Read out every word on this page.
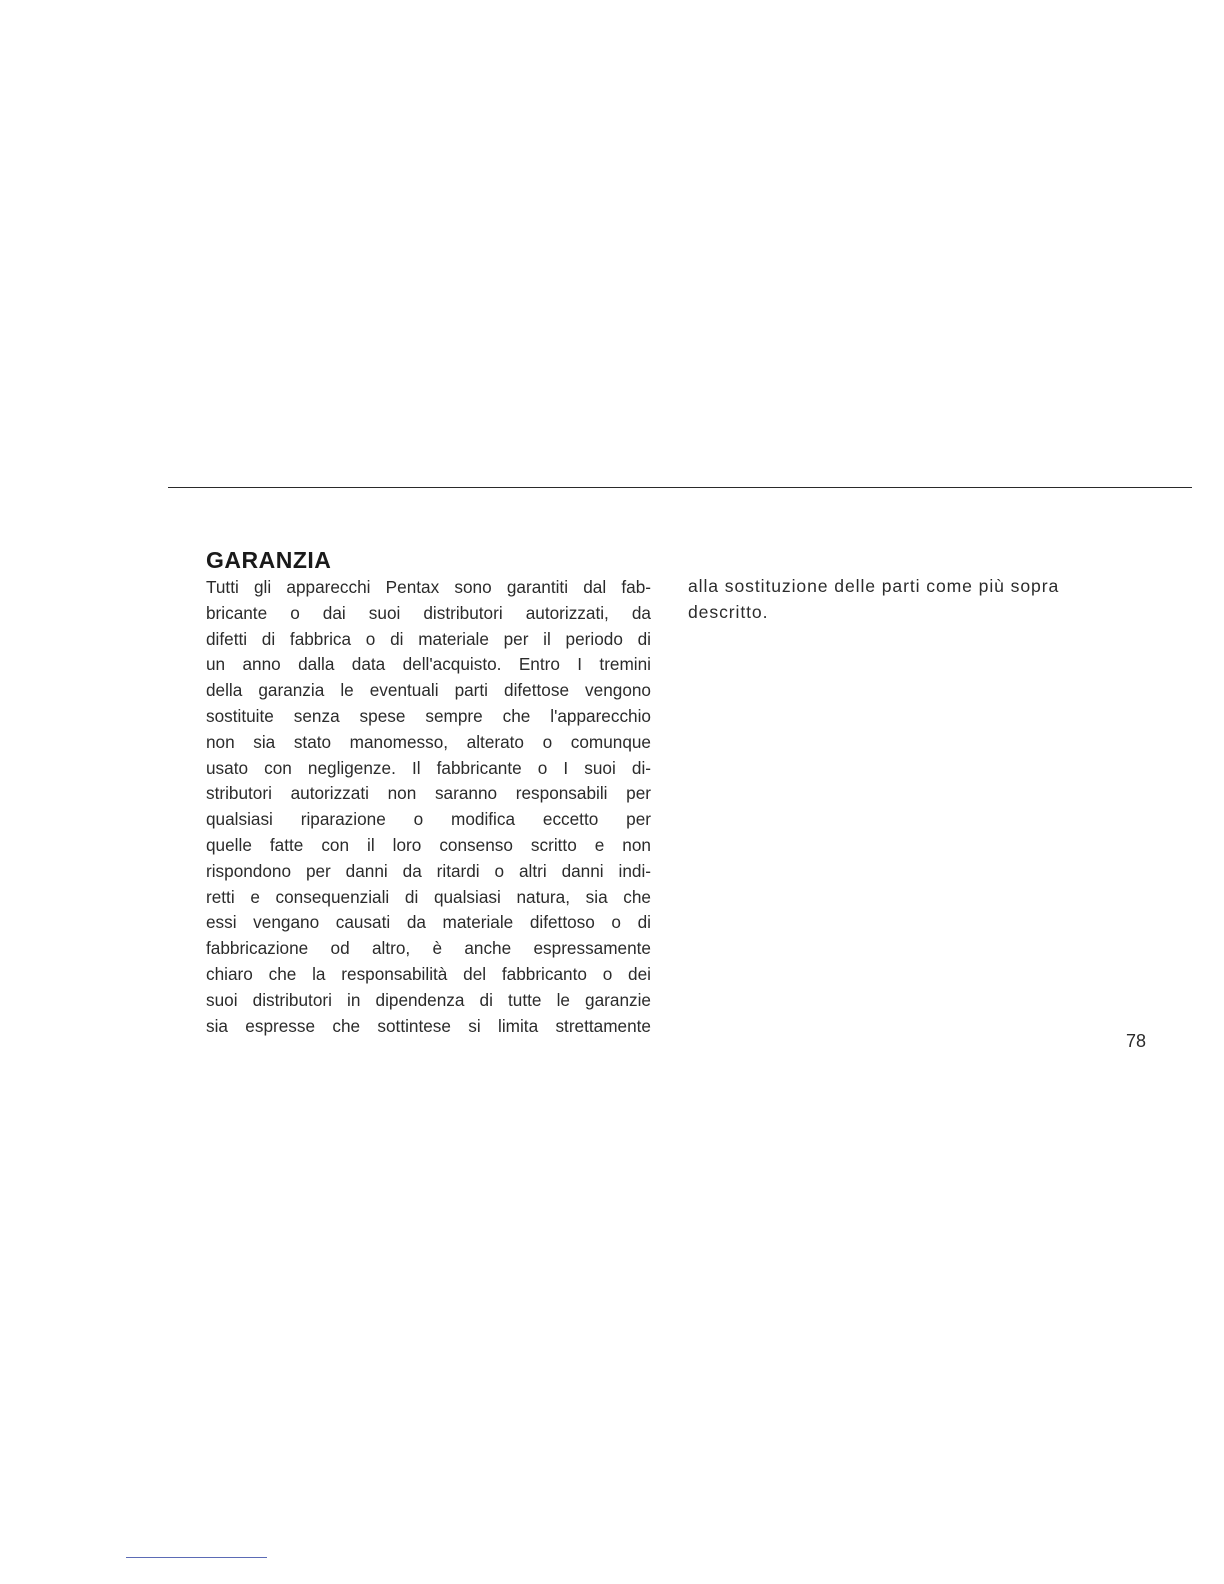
GARANZIA
Tutti gli apparecchi Pentax sono garantiti dal fab-
bricante o dai suoi distributori autorizzati, da
difetti di fabbrica o di materiale per il periodo di
un anno dalla data dell'acquisto. Entro I tremini
della garanzia le eventuali parti difettose vengono
sostituite senza spese sempre che l'apparecchio
non sia stato manomesso, alterato o comunque
usato con negligenze. Il fabbricante o I suoi di-
stributori autorizzati non saranno responsabili per
qualsiasi riparazione o modifica eccetto per
quelle fatte con il loro consenso scritto e non
rispondono per danni da ritardi o altri danni indi-
retti e consequenziali di qualsiasi natura, sia che
essi vengano causati da materiale difettoso o di
fabbricazione od altro, è anche espressamente
chiaro che la responsabilità del fabbricanto o dei
suoi distributori in dipendenza di tutte le garanzie
sia espresse che sottintese si limita strettamente
alla sostituzione delle parti come più sopra
descritto.
78
